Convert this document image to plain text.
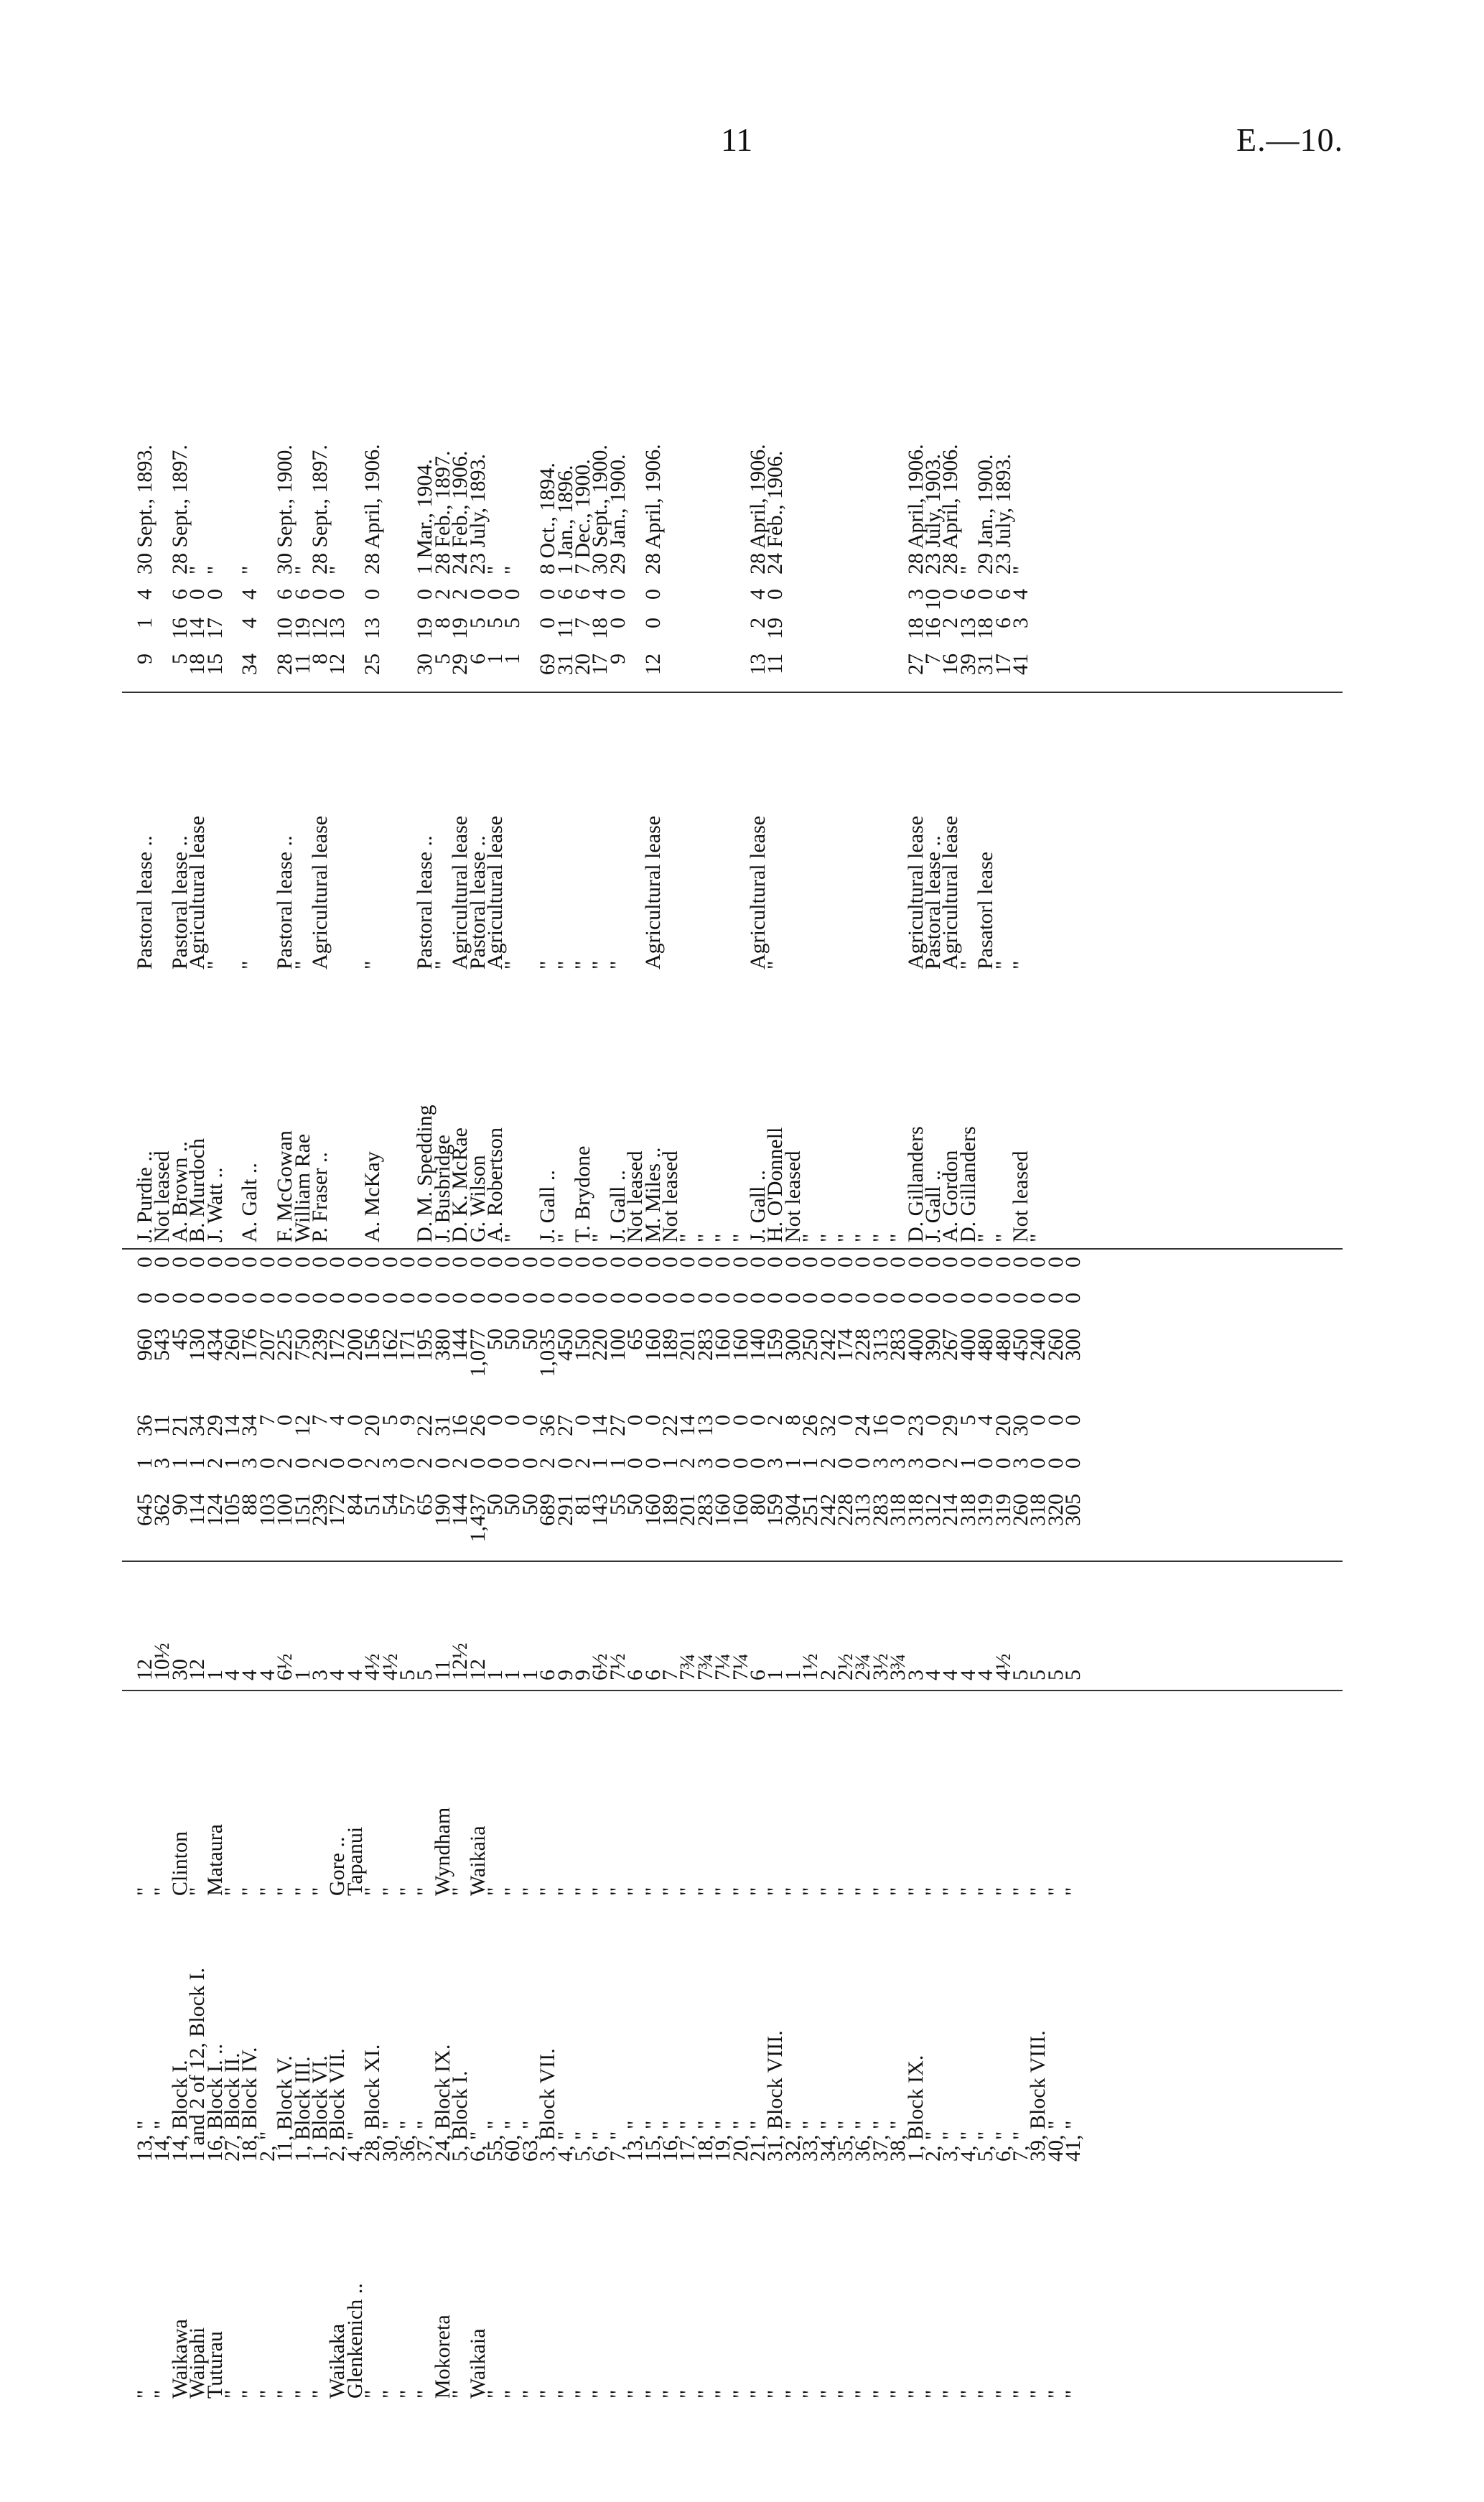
11	E.—10.
"
13, "
"
12
645
1
36
960
0
0
J. Purdie ..
Pastoral lease ..
9
1
4
30 Sept., 1893.
"
14, "
"
10½
362
3
11
543
0
0
Not leased
Waikawa
14, Block I.
Clinton
30
90
1
21
45
0
0
A. Brown ..
Pastoral lease ..
5
16
6
28 Sept., 1897.
Waipahi
1 and 2 of 12, Block I.
"
12
114
1
34
130
0
0
B. Murdoch
Agricultural lease
18
14
0
"
Tuturau
16, Block I. ..
Mataura
1
124
2
29
434
0
0
J. Watt ..
"
15
17
0
"
"
27, Block II.
"
4
105
1
14
260
0
0
"
18, Block IV.
"
4
88
3
34
176
0
0
A. Galt ..
"
34
4
4
"
"
2, "
"
4
103
0
7
207
0
0
"
11, Block V.
"
6½
100
2
0
225
0
0
F. McGowan
Pastoral lease ..
28
10
6
30 Sept., 1900.
"
1, Block III.
"
1
151
0
12
750
0
0
William Rae
"
11
19
6
"
"
1, Block VI.
"
3
239
2
7
239
0
0
P. Fraser ..
Agricultural lease
8
12
0
28 Sept., 1897.
Waikaka
2, Block VII.
Gore ..
4
172
0
4
172
0
0
12
13
0
"
Glenkenich ..
4, "
Tapanui
4
84
0
0
200
0
0
"
28, Block XI.
"
4½
51
2
20
156
0
0
A. McKay
"
25
13
0
28 April, 1906.
"
30, "
"
4½
54
3
5
162
0
0
"
36, "
"
5
57
0
9
171
0
0
"
37, "
"
5
65
2
22
195
0
0
D. M. Spedding
Pastoral lease ..
30
19
0
1 Mar., 1904.
Mokoreta
24, Block IX.
Wyndham
11
190
0
31
380
0
0
J. Busbridge
"
5
8
2
28 Feb., 1897.
"
5, Block I.
"
12½
144
2
16
144
0
0
D. K. McRae
Agricultural lease
29
19
2
24 Feb., 1906.
Waikaia
6, "
Waikaia
12
1,437
0
26
1,077
0
0
G. Wilson
Pastoral lease ..
6
5
0
23 July, 1893.
"
55, "
"
1
50
0
0
50
0
0
A. Robertson
Agricultural lease
1
5
0
"
"
60, "
"
1
50
0
0
50
0
0
"
"
1
5
0
"
"
63, "
"
1
50
0
0
50
0
0
"
3, Block VII.
"
6
689
2
36
1,035
0
0
J. Gall ..
"
69
0
0
8 Oct., 1894.
"
4, "
"
9
291
0
27
450
0
0
"
"
31
11
6
1 Jan., 1896.
"
5, "
"
9
81
2
0
150
0
0
T. Brydone
"
20
7
6
7 Dec., 1900.
"
6, "
"
6½
143
1
14
220
0
0
"
"
17
18
4
30 Sept., 1900.
"
7, "
"
7½
55
1
27
100
0
0
J. Gall ..
"
9
0
0
29 Jan., 1900.
"
13, "
"
6
50
0
0
65
0
0
Not leased
"
15, "
"
6
160
0
0
160
0
0
M. Miles ..
Agricultural lease
12
0
0
28 April, 1906.
"
16, "
"
7
189
1
22
189
0
0
Not leased
"
17, "
"
7¾
201
2
14
201
0
0
"
"
18, "
"
7¾
283
3
13
283
0
0
"
"
19, "
"
7¼
160
0
0
160
0
0
"
"
20, "
"
7¼
160
0
0
160
0
0
"
"
21, "
"
6
80
0
0
140
0
0
J. Gall ..
Agricultural lease
13
2
4
28 April, 1906.
"
31, Block VIII.
"
1
159
3
2
159
0
0
H. O'Donnell
"
11
19
0
24 Feb., 1906.
"
32, "
"
1
304
1
8
300
0
0
Not leased
"
33, "
"
1½
251
1
26
250
0
0
"
"
34, "
"
2
242
2
32
242
0
0
"
"
35, "
"
2½
228
0
0
174
0
0
"
"
36, "
"
2¾
313
0
24
228
0
0
"
"
37, "
"
3½
283
3
16
313
0
0
"
"
38, "
"
3¾
318
3
0
283
0
0
"
"
1, Block IX.
"
3
318
3
23
400
0
0
D. Gillanders
Agricultural lease
27
18
3
28 April, 1906.
"
2, "
"
4
312
0
0
390
0
0
J. Gall ..
Pastoral lease ..
7
16
10
23 July, 1903.
"
3, "
"
4
214
2
29
267
0
0
A. Gordon
Agricultural lease
16
2
0
28 April, 1906.
"
4, "
"
4
318
1
5
400
0
0
D. Gillanders
"
39
13
6
"
"
5, "
"
4
319
0
4
480
0
0
"
Pasatorl lease
31
18
0
29 Jan., 1900.
"
6, "
"
4½
319
0
20
480
0
0
"
"
17
6
6
23 July, 1893.
"
7, "
"
5
260
3
30
450
0
0
Not leased
"
41
3
4
"
"
39, Block VIII.
"
5
318
0
0
240
0
0
"
"
40, "
"
5
320
0
0
260
0
0
"
41, "
"
5
305
0
0
300
0
0
